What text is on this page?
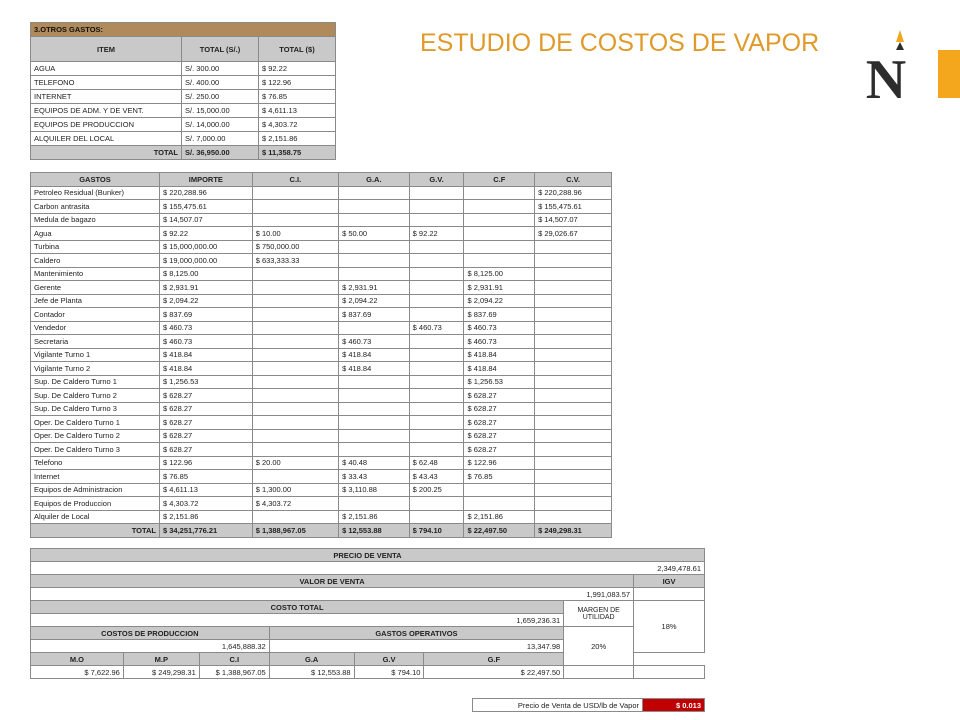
ESTUDIO DE COSTOS DE VAPOR
N
3.OTROS GASTOS:		
ITEM	TOTAL (S/.)	TOTAL ($)
AGUA	S/. 300.00	$ 92.22
TELEFONO	S/. 400.00	$ 122.96
INTERNET	S/. 250.00	$ 76.85
EQUIPOS DE ADM. Y DE VENT.	S/. 15,000.00	$ 4,611.13
EQUIPOS DE PRODUCCION	S/. 14,000.00	$ 4,303.72
ALQUILER DEL LOCAL	S/. 7,000.00	$ 2,151.86
TOTAL	S/. 36,950.00	$ 11,358.75
GASTOS	IMPORTE	C.I.	G.A.	G.V.	C.F	C.V.
Petroleo Residual (Bunker)	$ 220,288.96					$ 220,288.96
Carbon antrasita	$ 155,475.61					$ 155,475.61
Medula de bagazo	$ 14,507.07					$ 14,507.07
Agua	$ 92.22	$ 10.00	$ 50.00	$ 92.22		$ 29,026.67
Turbina	$ 15,000,000.00	$ 750,000.00				
Caldero	$ 19,000,000.00	$ 633,333.33				
Mantenimiento	$ 8,125.00				$ 8,125.00	
Gerente	$ 2,931.91		$ 2,931.91		$ 2,931.91	
Jefe de Planta	$ 2,094.22		$ 2,094.22		$ 2,094.22	
Contador	$ 837.69		$ 837.69		$ 837.69	
Vendedor	$ 460.73			$ 460.73	$ 460.73	
Secretaria	$ 460.73		$ 460.73		$ 460.73	
Vigilante Turno 1	$ 418.84		$ 418.84		$ 418.84	
Vigilante Turno 2	$ 418.84		$ 418.84		$ 418.84	
Sup. De Caldero Turno 1	$ 1,256.53				$ 1,256.53	
Sup. De Caldero Turno 2	$ 628.27				$ 628.27	
Sup. De Caldero Turno 3	$ 628.27				$ 628.27	
Oper. De Caldero Turno 1	$ 628.27				$ 628.27	
Oper. De Caldero Turno 2	$ 628.27				$ 628.27	
Oper. De Caldero Turno 3	$ 628.27				$ 628.27	
Telefono	$ 122.96	$ 20.00	$ 40.48	$ 62.48	$ 122.96	
Internet	$ 76.85		$ 33.43	$ 43.43	$ 76.85	
Equipos de Administracion	$ 4,611.13	$ 1,300.00	$ 3,110.88	$ 200.25		
Equipos de Produccion	$ 4,303.72	$ 4,303.72				
Alquiler de Local	$ 2,151.86		$ 2,151.86		$ 2,151.86	
TOTAL	$ 34,251,776.21	$ 1,388,967.05	$ 12,553.88	$ 794.10	$ 22,497.50	$ 249,298.31
PRECIO DE VENTA							
2,349,478.61							
VALOR DE VENTA							IGV
1,991,083.57							
COSTO TOTAL						MARGEN DE UTILIDAD	18%
1,659,236.31							
COSTOS DE PRODUCCION			GASTOS OPERATIVOS			20%	
1,645,888.32			13,347.98				
M.O	M.P	C.I	G.A	G.V	G.F		
$ 7,622.96	$ 249,298.31	$ 1,388,967.05	$ 12,553.88	$ 794.10	$ 22,497.50		
Precio de Venta de USD/lb de Vapor	$ 0.013
